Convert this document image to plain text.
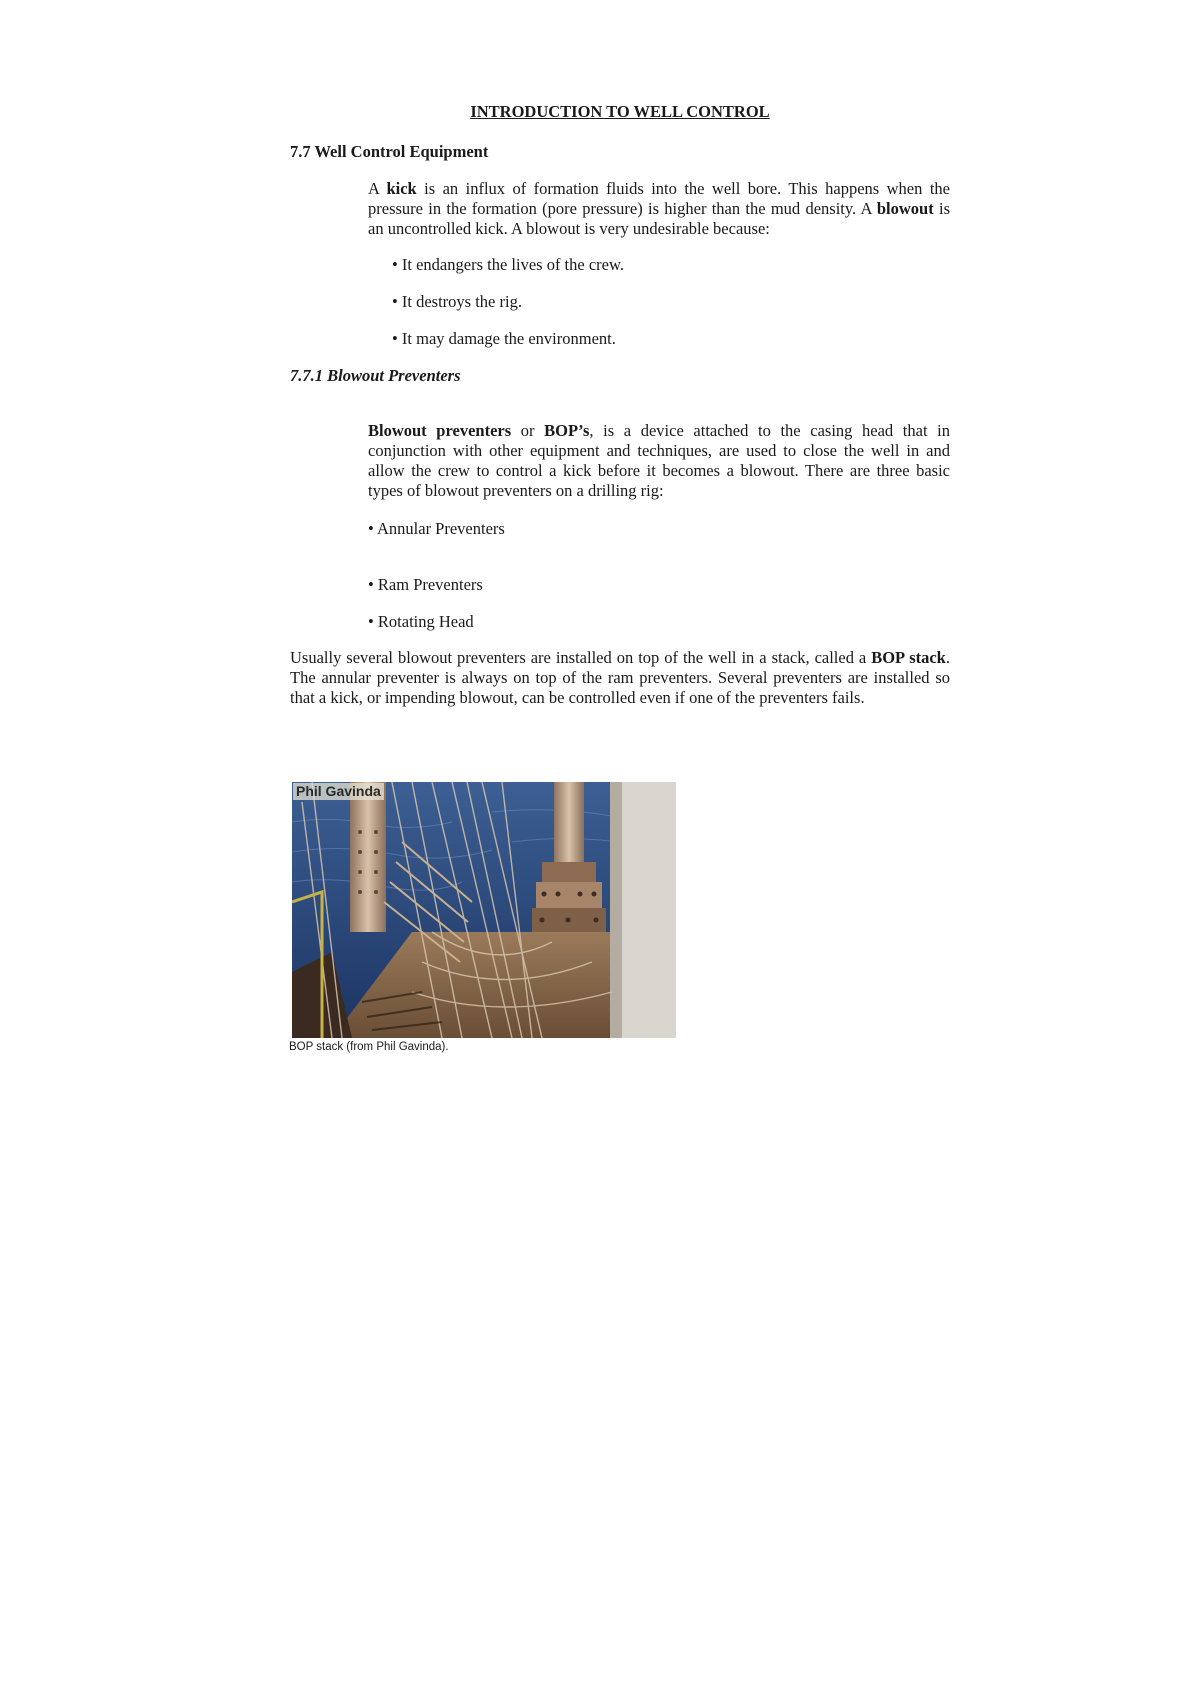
INTRODUCTION TO WELL CONTROL
7.7 Well Control Equipment

A kick is an influx of formation fluids into the well bore. This happens when the pressure in the formation (pore pressure) is higher than the mud density. A blowout is an uncontrolled kick. A blowout is very undesirable because:

• It endangers the lives of the crew.
• It destroys the rig.
• It may damage the environment.
7.7.1 Blowout Preventers

Blowout preventers or BOP’s, is a device attached to the casing head that in conjunction with other equipment and techniques, are used to close the well in and allow the crew to control a kick before it becomes a blowout. There are three basic types of blowout preventers on a drilling rig:

• Annular Preventers
• Ram Preventers
• Rotating Head

Usually several blowout preventers are installed on top of the well in a stack, called a BOP stack. The annular preventer is always on top of the ram preventers. Several preventers are installed so that a kick, or impending blowout, can be controlled even if one of the preventers fails.

Phil Gavinda
BOP stack (from Phil Gavinda).
